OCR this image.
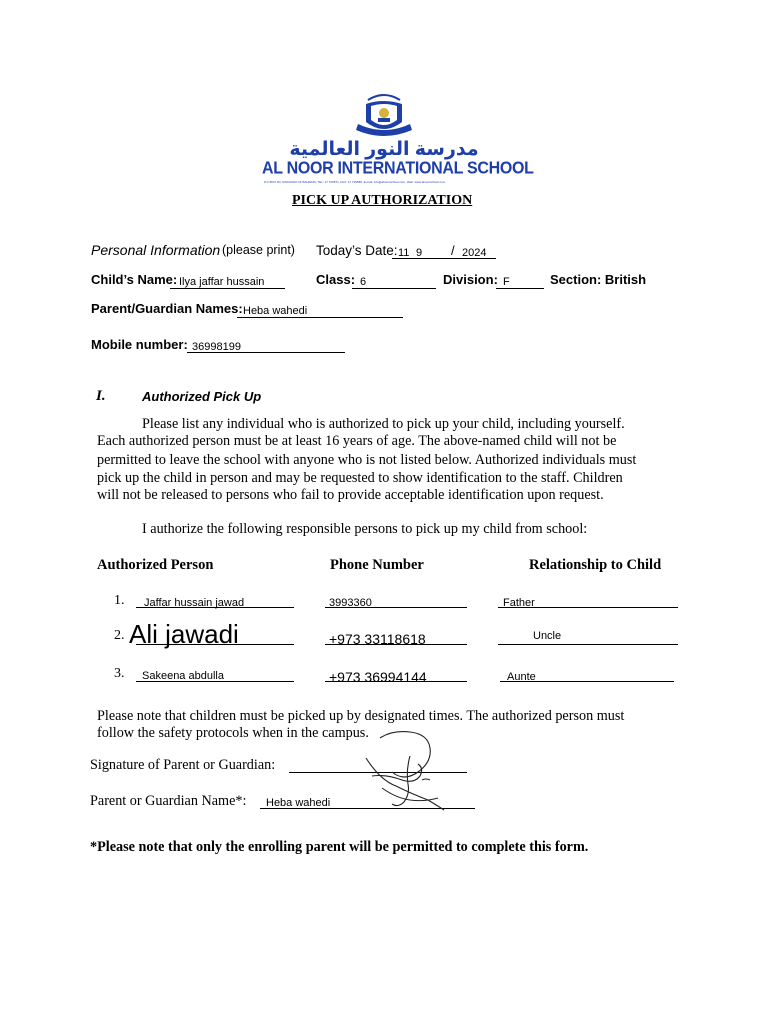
مدرسة النور العالمية
AL NOOR INTERNATIONAL SCHOOL
P.O.BOX 3D, KINGDOM OF BAHRAIN, TEL: 17 729571, FAX: 17 729585, E-mail: info@alnoorschool.com, Web: www.alnoorschool.com
PICK UP AUTHORIZATION
Personal Information (please print) Today’s Date: 11 9 / 2024
Child’s Name: Ilya jaffar hussain	Class: 6	Division: F	Section: British
Parent/Guardian Names: Heba wahedi
Mobile number: 36998199
I.	Authorized Pick Up
Please list any individual who is authorized to pick up your child, including yourself.
Each authorized person must be at least 16 years of age. The above-named child will not be
permitted to leave the school with anyone who is not listed below. Authorized individuals must
pick up the child in person and may be requested to show identification to the staff. Children
will not be released to persons who fail to provide acceptable identification upon request.
I authorize the following responsible persons to pick up my child from school:
Authorized Person	Phone Number	Relationship to Child
1. Jaffar hussain jawad	3993360	Father
2. Ali jawadi	+973 33118618	Uncle
3. Sakeena abdulla	+973 36994144	Aunte
Please note that children must be picked up by designated times. The authorized person must
follow the safety protocols when in the campus.
Signature of Parent or Guardian:
Parent or Guardian Name*: Heba wahedi
*Please note that only the enrolling parent will be permitted to complete this form.
